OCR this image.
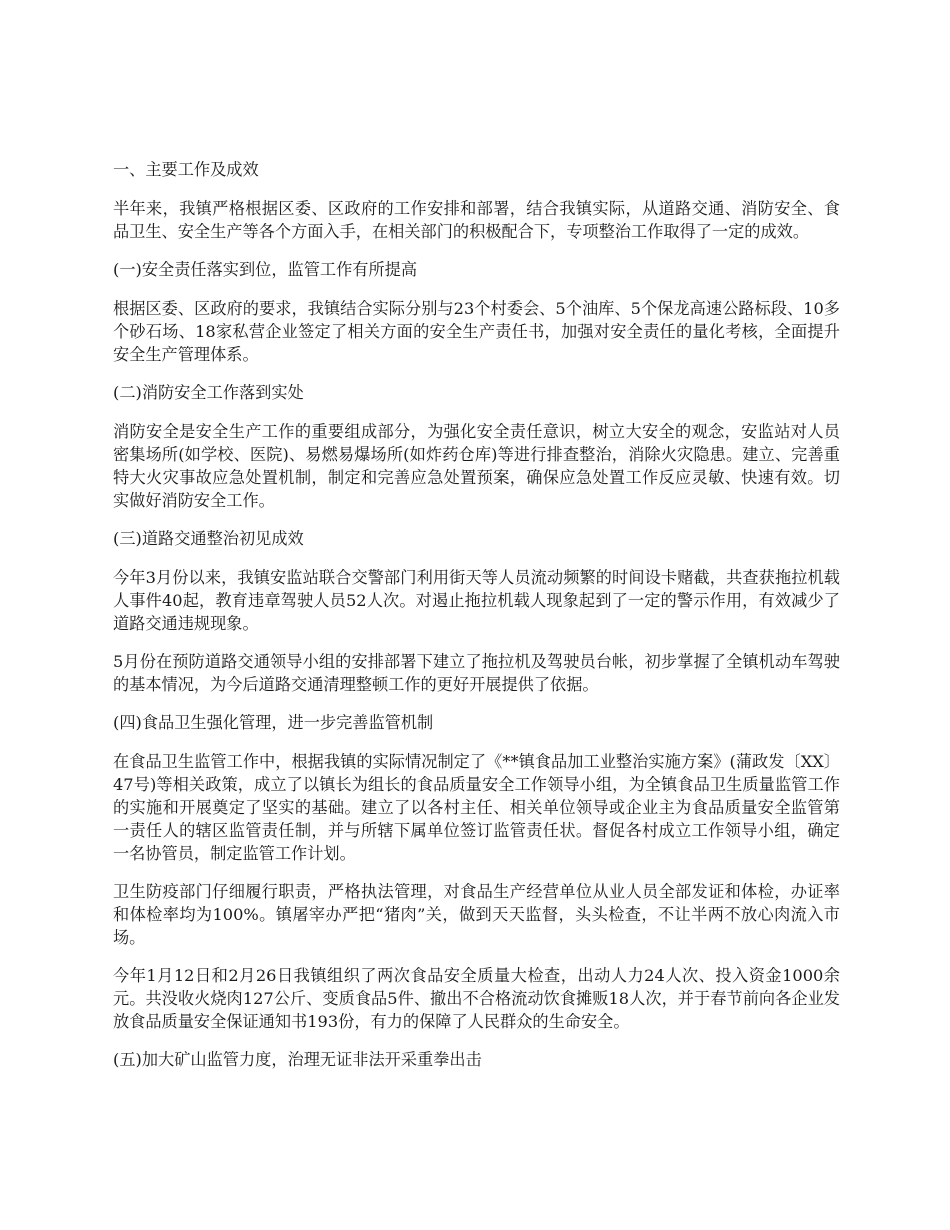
一、主要工作及成效

半年来，我镇严格根据区委、区政府的工作安排和部署，结合我镇实际，从道路交通、消防安全、食品卫生、安全生产等各个方面入手，在相关部门的积极配合下，专项整治工作取得了一定的成效。

(一)安全责任落实到位，监管工作有所提高

根据区委、区政府的要求，我镇结合实际分别与23个村委会、5个油库、5个保龙高速公路标段、10多个砂石场、18家私营企业签定了相关方面的安全生产责任书，加强对安全责任的量化考核，全面提升安全生产管理体系。

(二)消防安全工作落到实处

消防安全是安全生产工作的重要组成部分，为强化安全责任意识，树立大安全的观念，安监站对人员密集场所(如学校、医院)、易燃易爆场所(如炸药仓库)等进行排查整治，消除火灾隐患。建立、完善重特大火灾事故应急处置机制，制定和完善应急处置预案，确保应急处置工作反应灵敏、快速有效。切实做好消防安全工作。

(三)道路交通整治初见成效

今年3月份以来，我镇安监站联合交警部门利用街天等人员流动频繁的时间设卡赌截，共查获拖拉机载人事件40起，教育违章驾驶人员52人次。对遏止拖拉机载人现象起到了一定的警示作用，有效减少了道路交通违规现象。

5月份在预防道路交通领导小组的安排部署下建立了拖拉机及驾驶员台帐，初步掌握了全镇机动车驾驶的基本情况，为今后道路交通清理整顿工作的更好开展提供了依据。

(四)食品卫生强化管理，进一步完善监管机制

在食品卫生监管工作中，根据我镇的实际情况制定了《**镇食品加工业整治实施方案》(蒲政发〔XX〕47号)等相关政策，成立了以镇长为组长的食品质量安全工作领导小组，为全镇食品卫生质量监管工作的实施和开展奠定了坚实的基础。建立了以各村主任、相关单位领导或企业主为食品质量安全监管第一责任人的辖区监管责任制，并与所辖下属单位签订监管责任状。督促各村成立工作领导小组，确定一名协管员，制定监管工作计划。

卫生防疫部门仔细履行职责，严格执法管理，对食品生产经营单位从业人员全部发证和体检，办证率和体检率均为100%。镇屠宰办严把“猪肉”关，做到天天监督，头头检查，不让半两不放心肉流入市场。

今年1月12日和2月26日我镇组织了两次食品安全质量大检查，出动人力24人次、投入资金1000余元。共没收火烧肉127公斤、变质食品5件、撤出不合格流动饮食摊贩18人次，并于春节前向各企业发放食品质量安全保证通知书193份，有力的保障了人民群众的生命安全。

(五)加大矿山监管力度，治理无证非法开采重拳出击
